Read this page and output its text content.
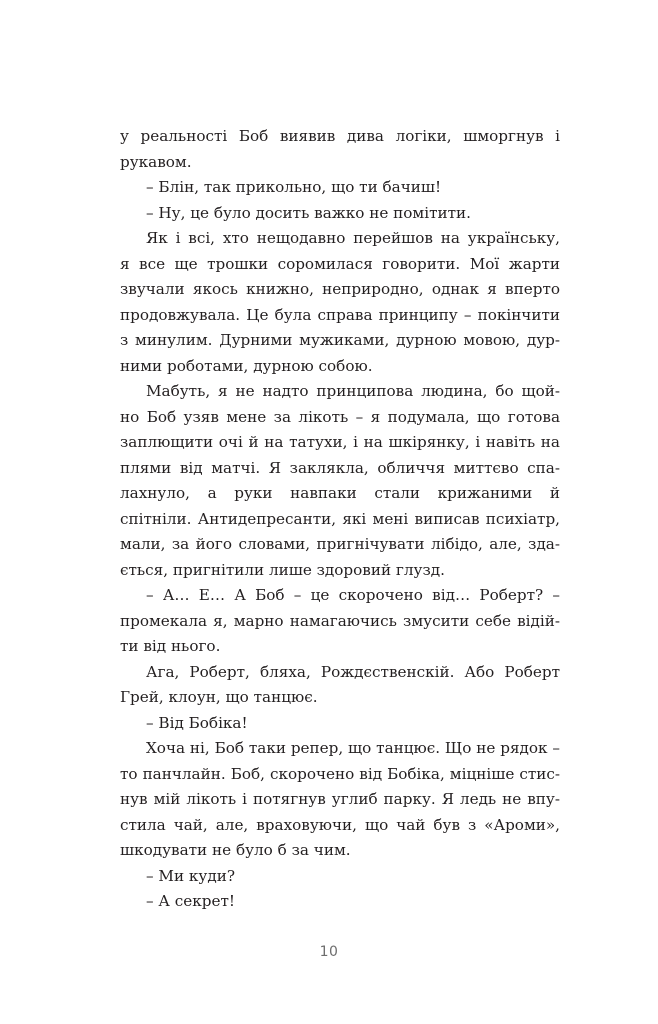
у реальності Боб виявив дива логіки, шморгнув і
рукавом.
– Блін, так прикольно, що ти бачиш!
– Ну, це було досить важко не помітити.
Як і всі, хто нещодавно перейшов на українську,
я все ще трошки соромилася говорити. Мої жарти
звучали якось книжно, неприродно, однак я вперто
продовжувала. Це була справа принципу – покінчити
з минулим. Дурними мужиками, дурною мовою, дур-
ними роботами, дурною собою.
Мабуть, я не надто принципова людина, бо щой-
но Боб узяв мене за лікоть – я подумала, що готова
заплющити очі й на татухи, і на шкірянку, і навіть на
плями від матчі. Я заклякла, обличчя миттєво спа-
лахнуло, а руки навпаки стали крижаними й
спітніли. Антидепресанти, які мені виписав психіатр,
мали, за його словами, пригнічувати лібідо, але, зда-
ється, пригнітили лише здоровий глузд.
– А… Е… А Боб – це скорочено від… Роберт? –
промекала я, марно намагаючись змусити себе відій-
ти від нього.
Ага, Роберт, бляха, Рождєственскій. Або Роберт
Грей, клоун, що танцює.
– Від Бобіка!
Хоча ні, Боб таки репер, що танцює. Що не рядок –
то панчлайн. Боб, скорочено від Бобіка, міцніше стис-
нув мій лікоть і потягнув углиб парку. Я ледь не впу-
стила чай, але, враховуючи, що чай був з «Ароми»,
шкодувати не було б за чим.
– Ми куди?
– А секрет!
10
